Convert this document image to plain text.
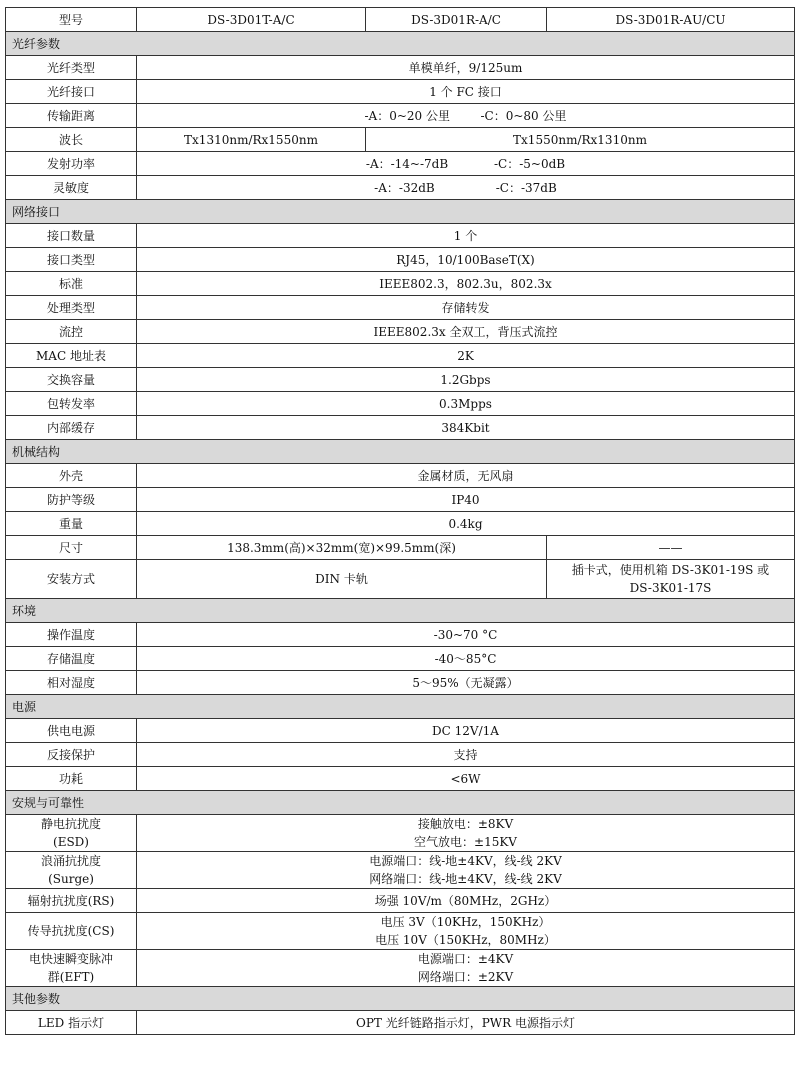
型号	DS-3D01T-A/C	DS-3D01R-A/C	DS-3D01R-AU/CU
光纤参数			
光纤类型	单模单纤，9/125um		
光纤接口	1 个 FC 接口		
传输距离	-A：0~20 公里 -C：0~80 公里		
波长	Tx1310nm/Rx1550nm	Tx1550nm/Rx1310nm	
发射功率	-A：-14~-7dB -C：-5~0dB		
灵敏度	-A：-32dB -C：-37dB		
网络接口			
接口数量	1 个		
接口类型	RJ45，10/100BaseT(X)		
标准	IEEE802.3，802.3u，802.3x		
处理类型	存储转发		
流控	IEEE802.3x 全双工，背压式流控		
MAC 地址表	2K		
交换容量	1.2Gbps		
包转发率	0.3Mpps		
内部缓存	384Kbit		
机械结构			
外壳	金属材质，无风扇		
防护等级	IP40		
重量	0.4kg		
尺寸	138.3mm(高)×32mm(宽)×99.5mm(深)		——
安装方式	DIN 卡轨		插卡式，使用机箱 DS-3K01-19S 或
DS-3K01-17S

环境			
操作温度	-30~70 °C		
存储温度	-40～85°C		
相对湿度	5～95%（无凝露）		
电源			
供电电源	DC 12V/1A		
反接保护	支持		
功耗	<6W		
安规与可靠性			

静电抗扰度
(ESD)	接触放电：±8KV
空气放电：±15KV		

浪涌抗扰度
(Surge)	电源端口：线-地±4KV，线-线 2KV
网络端口：线-地±4KV，线-线 2KV		

辐射抗扰度(RS)	场强 10V/m（80MHz，2GHz）		
传导抗扰度(CS)	电压 3V（10KHz，150KHz）
电压 10V（150KHz，80MHz）		

电快速瞬变脉冲
群(EFT)	电源端口：±4KV
网络端口：±2KV		

其他参数			
LED 指示灯	OPT 光纤链路指示灯，PWR 电源指示灯		
